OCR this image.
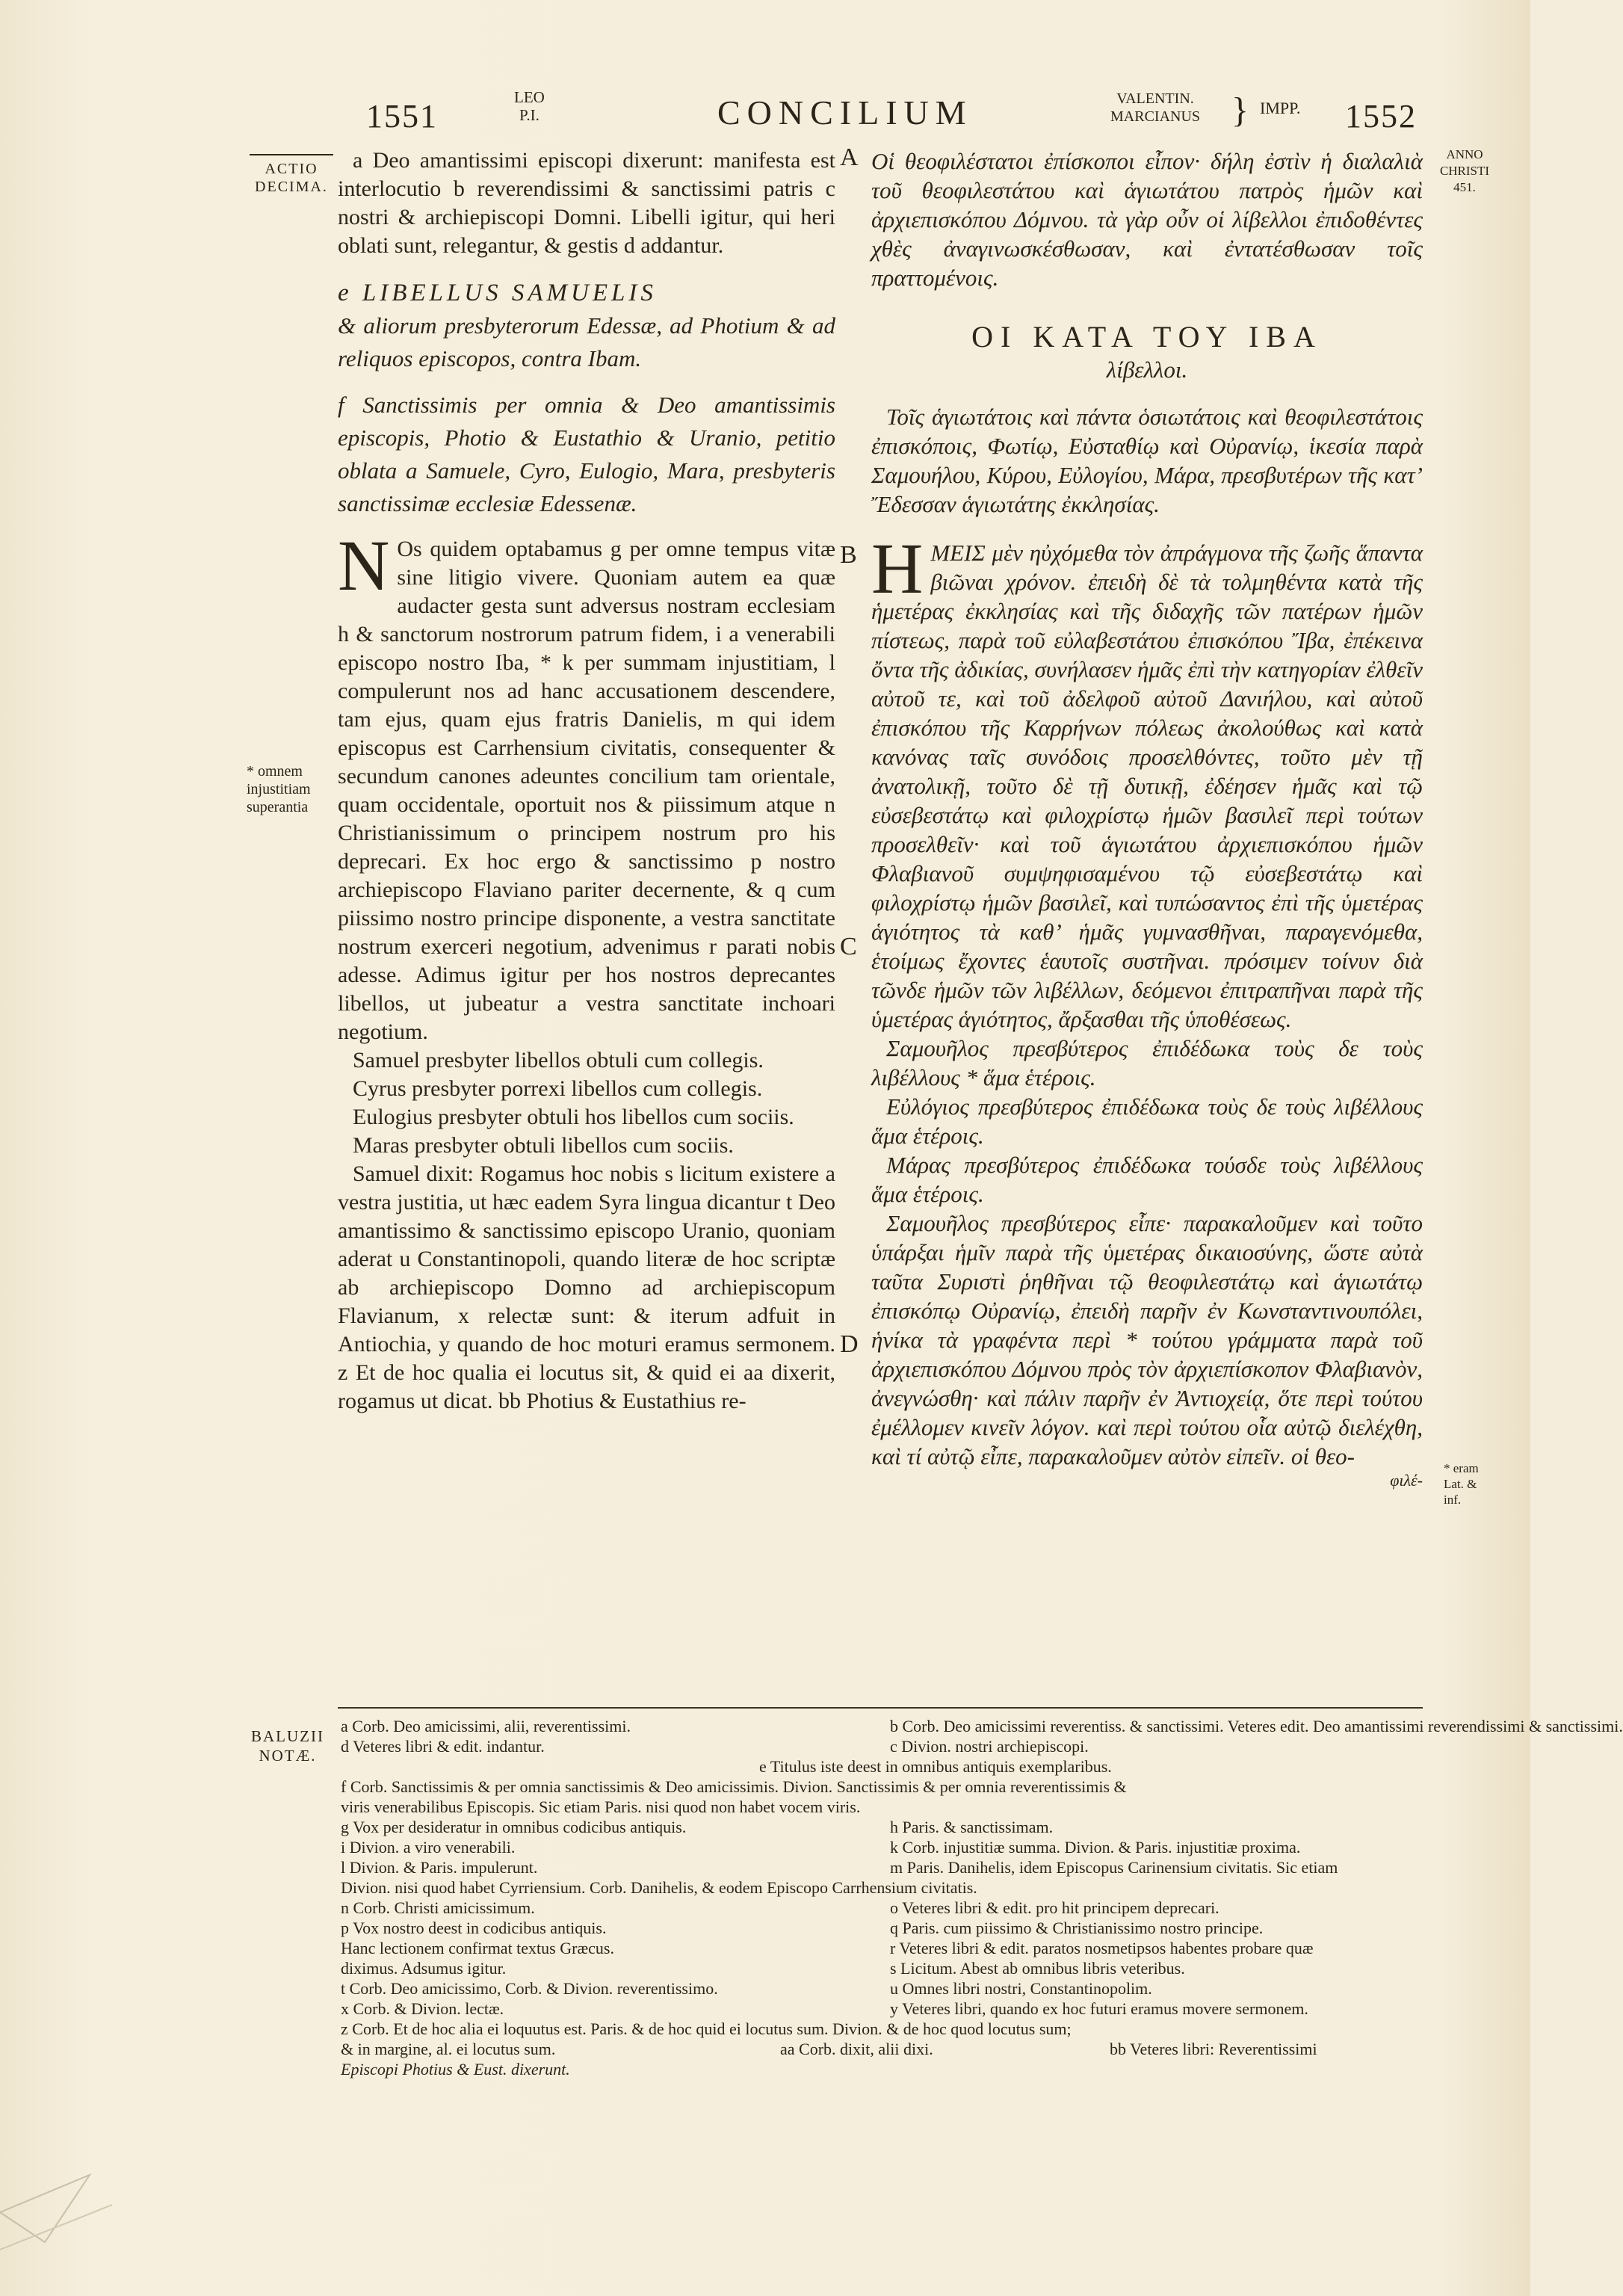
1551
LEO
P.I.	CONCILIUM	VALENTIN.
MARCIANUS } IMPP. 1552
ACTIO
DECIMA.
ANNO
CHRISTI
451.
* omnem
injustitiam
superantia
* eram
Lat. &
inf.
A
B
C
D

a Deo amantissimi episcopi dixerunt: manifesta est interlocutio b reverendissimi & sanctissimi patris c nostri & archiepiscopi Domni. Libelli igitur, qui heri oblati sunt, relegantur, & gestis d addantur.

e LIBELLUS SAMUELIS

& aliorum presbyterorum Edessæ, ad Photium & ad reliquos episcopos, contra Ibam.

f Sanctissimis per omnia & Deo amantissimis episcopis, Photio & Eustathio & Uranio, petitio oblata a Samuele, Cyro, Eulogio, Mara, presbyteris sanctissimæ ecclesiæ Edessenæ.

N Os quidem optabamus g per omne tempus vitæ sine litigio vivere. Quoniam autem ea quæ audacter gesta sunt adversus nostram ecclesiam h & sanctorum nostrorum patrum fidem, i a venerabili episcopo nostro Iba, * k per summam injustitiam, l compulerunt nos ad hanc accusationem descendere, tam ejus, quam ejus fratris Danielis, m qui idem episcopus est Carrhensium civitatis, consequenter & secundum canones adeuntes concilium tam orientale, quam occidentale, oportuit nos & piissimum atque n Christianissimum o principem nostrum pro his deprecari. Ex hoc ergo & sanctissimo p nostro archiepiscopo Flaviano pariter decernente, & q cum piissimo nostro principe disponente, a vestra sanctitate nostrum exerceri negotium, advenimus r parati nobis adesse. Adimus igitur per hos nostros deprecantes libellos, ut jubeatur a vestra sanctitate inchoari negotium.

Samuel presbyter libellos obtuli cum collegis.

Cyrus presbyter porrexi libellos cum collegis.

Eulogius presbyter obtuli hos libellos cum sociis.

Maras presbyter obtuli libellos cum sociis.

Samuel dixit: Rogamus hoc nobis s licitum existere a vestra justitia, ut hæc eadem Syra lingua dicantur t Deo amantissimo & sanctissimo episcopo Uranio, quoniam aderat u Constantinopoli, quando literæ de hoc scriptæ ab archiepiscopo Domno ad archiepiscopum Flavianum, x relectæ sunt: & iterum adfuit in Antiochia, y quando de hoc moturi eramus sermonem. z Et de hoc qualia ei locutus sit, & quid ei aa dixerit, rogamus ut dicat. bb Photius & Eustathius re-

Οἱ θεοφιλέστατοι ἐπίσκοποι εἶπον· δήλη ἐστὶν ἡ διαλαλιὰ τοῦ θεοφιλεστάτου καὶ ἁγιωτάτου πατρὸς ἡμῶν καὶ ἀρχιεπισκόπου Δόμνου. τὰ γὰρ οὖν οἱ λίβελλοι ἐπιδοθέντες χθὲς ἀναγινωσκέσθωσαν, καὶ ἐντατέσθωσαν τοῖς πραττομένοις.

ΟΙ ΚΑΤΑ ΤΟΥ ΙΒΑ

λίβελλοι.

Τοῖς ἁγιωτάτοις καὶ πάντα ὁσιωτάτοις καὶ θεοφιλεστάτοις ἐπισκόποις, Φωτίῳ, Εὐσταθίῳ καὶ Οὐρανίῳ, ἱκεσία παρὰ Σαμουήλου, Κύρου, Εὐλογίου, Μάρα, πρεσβυτέρων τῆς κατ’ Ἔδεσσαν ἁγιωτάτης ἐκκλησίας.

ΗΜΕΙΣ μὲν ηὐχόμεθα τὸν ἀπράγμονα τῆς ζωῆς ἅπαντα βιῶναι χρόνον. ἐπειδὴ δὲ τὰ τολμηθέντα κατὰ τῆς ἡμετέρας ἐκκλησίας καὶ τῆς διδαχῆς τῶν πατέρων ἡμῶν πίστεως, παρὰ τοῦ εὐλαβεστάτου ἐπισκόπου Ἴβα, ἐπέκεινα ὄντα τῆς ἀδικίας, συνήλασεν ἡμᾶς ἐπὶ τὴν κατηγορίαν ἐλθεῖν αὐτοῦ τε, καὶ τοῦ ἀδελφοῦ αὐτοῦ Δανιήλου, καὶ αὐτοῦ ἐπισκόπου τῆς Καρρήνων πόλεως ἀκολούθως καὶ κατὰ κανόνας ταῖς συνόδοις προσελθόντες, τοῦτο μὲν τῇ ἀνατολικῇ, τοῦτο δὲ τῇ δυτικῇ, ἐδέησεν ἡμᾶς καὶ τῷ εὐσεβεστάτῳ καὶ φιλοχρίστῳ ἡμῶν βασιλεῖ περὶ τούτων προσελθεῖν· καὶ τοῦ ἁγιωτάτου ἀρχιεπισκόπου ἡμῶν Φλαβιανοῦ συμψηφισαμένου τῷ εὐσεβεστάτῳ καὶ φιλοχρίστῳ ἡμῶν βασιλεῖ, καὶ τυπώσαντος ἐπὶ τῆς ὑμετέρας ἁγιότητος τὰ καθ’ ἡμᾶς γυμνασθῆναι, παραγενόμεθα, ἑτοίμως ἔχοντες ἑαυτοῖς συστῆναι. πρόσιμεν τοίνυν διὰ τῶνδε ἡμῶν τῶν λιβέλλων, δεόμενοι ἐπιτραπῆναι παρὰ τῆς ὑμετέρας ἁγιότητος, ἄρξασθαι τῆς ὑποθέσεως.

Σαμουῆλος πρεσβύτερος ἐπιδέδωκα τοὺς δε τοὺς λιβέλλους * ἅμα ἑτέροις.

Εὐλόγιος πρεσβύτερος ἐπιδέδωκα τοὺς δε τοὺς λιβέλλους ἅμα ἑτέροις.

Μάρας πρεσβύτερος ἐπιδέδωκα τούσδε τοὺς λιβέλλους ἅμα ἑτέροις.

Σαμουῆλος πρεσβύτερος εἶπε· παρακαλοῦμεν καὶ τοῦτο ὑπάρξαι ἡμῖν παρὰ τῆς ὑμετέρας δικαιοσύνης, ὥστε αὐτὰ ταῦτα Συριστὶ ῥηθῆναι τῷ θεοφιλεστάτῳ καὶ ἁγιωτάτῳ ἐπισκόπῳ Οὐρανίῳ, ἐπειδὴ παρῆν ἐν Κωνσταντινουπόλει, ἡνίκα τὰ γραφέντα περὶ * τούτου γράμματα παρὰ τοῦ ἀρχιεπισκόπου Δόμνου πρὸς τὸν ἀρχιεπίσκοπον Φλαβιανὸν, ἀνεγνώσθη· καὶ πάλιν παρῆν ἐν Ἀντιοχείᾳ, ὅτε περὶ τούτου ἐμέλλομεν κινεῖν λόγον. καὶ περὶ τούτου οἷα αὐτῷ διελέχθη, καὶ τί αὐτῷ εἶπε, παρακαλοῦμεν αὐτὸν εἰπεῖν. οἱ θεο-

φιλέ-

BALUZII
NOTÆ.
a Corb. Deo amicissimi, alii, reverentissimi.	b Corb. Deo amicissimi reverentiss. & sanctissimi. Veteres edit. Deo amantissimi reverendissimi & sanctissimi.
d Veteres libri & edit. indantur.	c Divion. nostri archiepiscopi.
e Titulus iste deest in omnibus antiquis exemplaribus.
f Corb. Sanctissimis & per omnia sanctissimis & Deo amicissimis. Divion. Sanctissimis & per omnia reverentissimis &
viris venerabilibus Episcopis. Sic etiam Paris. nisi quod non habet vocem viris.
g Vox per desideratur in omnibus codicibus antiquis.	h Paris. & sanctissimam.
i Divion. a viro venerabili.	k Corb. injustitiæ summa. Divion. & Paris. injustitiæ proxima.
l Divion. & Paris. impulerunt.	m Paris. Danihelis, idem Episcopus Carinensium civitatis. Sic etiam
Divion. nisi quod habet Cyrriensium. Corb. Danihelis, & eodem Episcopo Carrhensium civitatis.
n Corb. Christi amicissimum.	o Veteres libri & edit. pro hit principem deprecari.
p Vox nostro deest in codicibus antiquis.	q Paris. cum piissimo & Christianissimo nostro principe.
Hanc lectionem confirmat textus Græcus.	r Veteres libri & edit. paratos nosmetipsos habentes probare quæ
diximus. Adsumus igitur.	s Licitum. Abest ab omnibus libris veteribus.
t Corb. Deo amicissimo, Corb. & Divion. reverentissimo.	u Omnes libri nostri, Constantinopolim.
x Corb. & Divion. lectæ.	y Veteres libri, quando ex hoc futuri eramus movere sermonem.
z Corb. Et de hoc alia ei loquutus est. Paris. & de hoc quid ei locutus sum. Divion. & de hoc quod locutus sum;
& in margine, al. ei locutus sum.	aa Corb. dixit, alii dixi.	bb Veteres libri: Reverentissimi
Episcopi Photius & Eust. dixerunt.
